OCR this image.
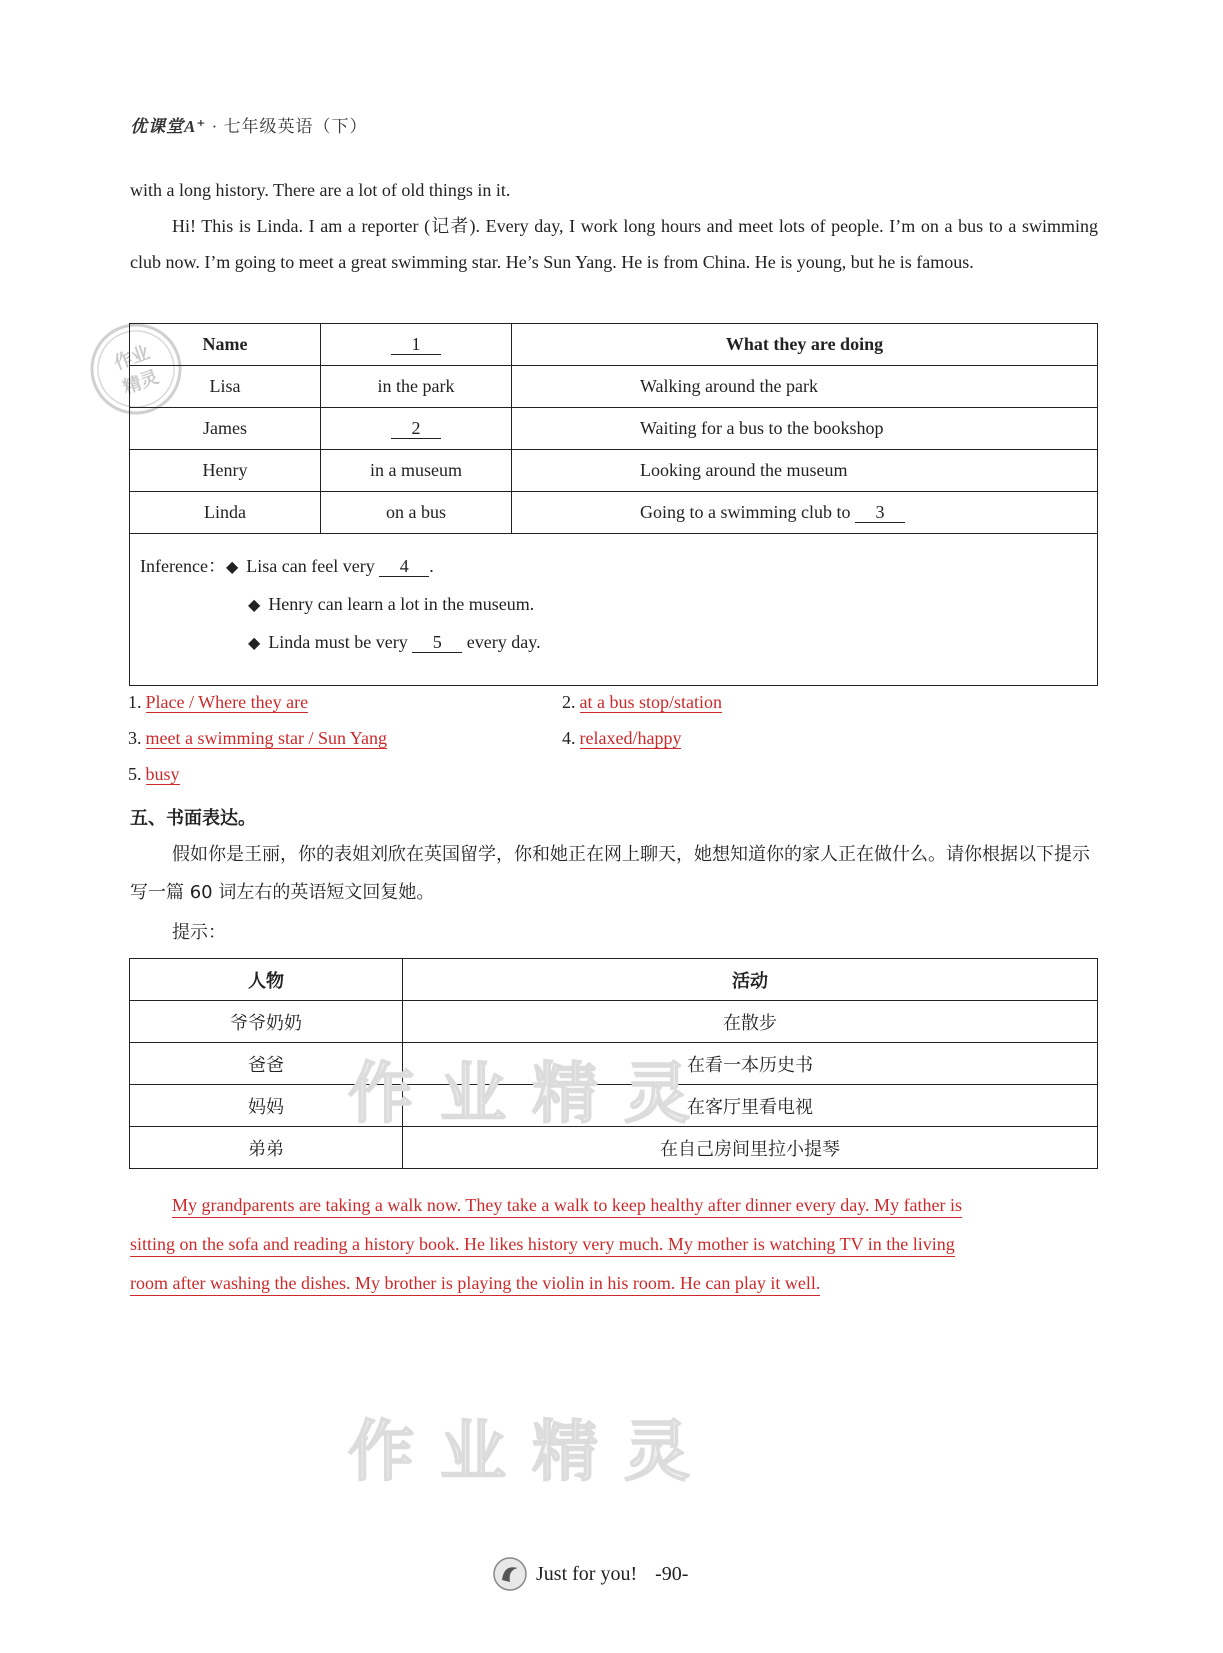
优课堂A⁺ · 七年级英语（下）
作业
精灵
with a long history. There are a lot of old things in it.
Hi! This is Linda. I am a reporter (记者). Every day, I work long hours and meet lots of people. I’m on a bus to a swimming club now. I’m going to meet a great swimming star. He’s Sun Yang. He is from China. He is young, but he is famous.
Name	1	What they are doing
Lisa	in the park	Walking around the park
James	2	Waiting for a bus to the bookshop
Henry	in a museum	Looking around the museum
Linda	on a bus	Going to a swimming club to 3

Inference：◆ Lisa can feel very 4 .
◆ Henry can learn a lot in the museum.
◆ Linda must be very 5 every day.		
1. Place / Where they are	2. at a bus stop/station
3. meet a swimming star / Sun Yang	4. relaxed/happy
5. busy
五、书面表达。
假如你是王丽，你的表姐刘欣在英国留学，你和她正在网上聊天，她想知道你的家人正在做什么。请你根据以下提示写一篇 60 词左右的英语短文回复她。
提示：
人物	活动
爷爷奶奶	在散步
爸爸	在看一本历史书
妈妈	在客厅里看电视
弟弟	在自己房间里拉小提琴
作业精灵
作业精灵
My grandparents are taking a walk now. They take a walk to keep healthy after dinner every day. My father is
sitting on the sofa and reading a history book. He likes history very much. My mother is watching TV in the living
room after washing the dishes. My brother is playing the violin in his room. He can play it well.
Just for you! -90-
